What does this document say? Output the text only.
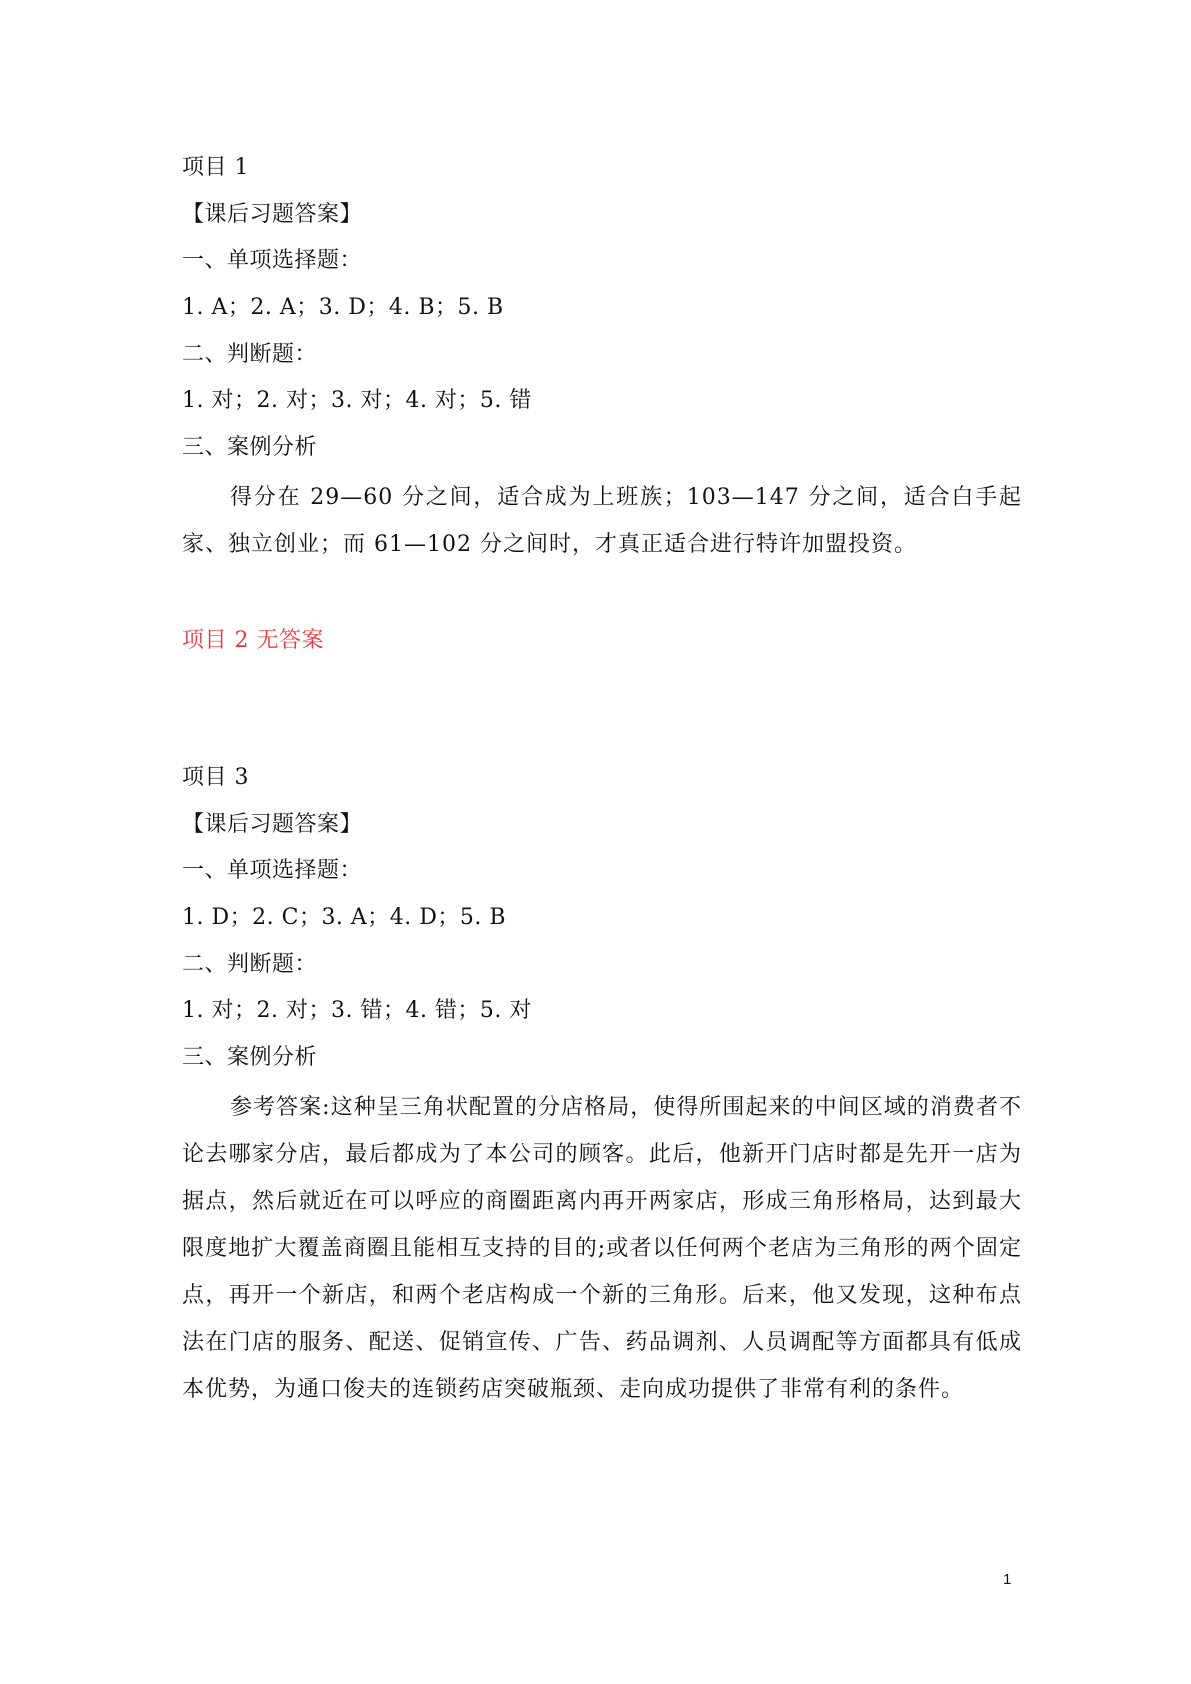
项目 1
【课后习题答案】
一、单项选择题：
1. A；2. A；3. D；4. B；5. B
二、判断题：
1. 对；2. 对；3. 对；4. 对；5. 错
三、案例分析
得分在 29—60 分之间，适合成为上班族；103—147 分之间，适合白手起家、独立创业；而 61—102 分之间时，才真正适合进行特许加盟投资。
项目 2 无答案
项目 3
【课后习题答案】
一、单项选择题：
1. D；2. C；3. A；4. D；5. B
二、判断题：
1. 对；2. 对；3. 错；4. 错；5. 对
三、案例分析
参考答案:这种呈三角状配置的分店格局，使得所围起来的中间区域的消费者不论去哪家分店，最后都成为了本公司的顾客。此后，他新开门店时都是先开一店为据点，然后就近在可以呼应的商圈距离内再开两家店，形成三角形格局，达到最大限度地扩大覆盖商圈且能相互支持的目的;或者以任何两个老店为三角形的两个固定点，再开一个新店，和两个老店构成一个新的三角形。后来，他又发现，这种布点法在门店的服务、配送、促销宣传、广告、药品调剂、人员调配等方面都具有低成本优势，为通口俊夫的连锁药店突破瓶颈、走向成功提供了非常有利的条件。
1
